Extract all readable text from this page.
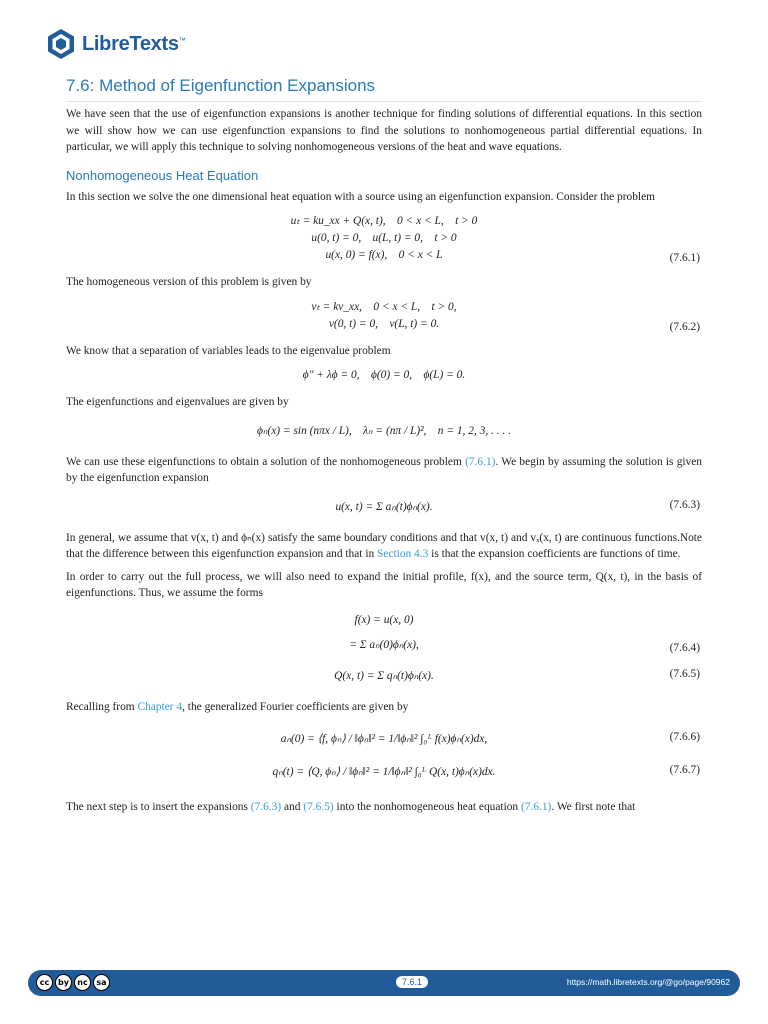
LibreTexts™
7.6: Method of Eigenfunction Expansions

We have seen that the use of eigenfunction expansions is another technique for finding solutions of differential equations. In this section we will show how we can use eigenfunction expansions to find the solutions to nonhomogeneous partial differential equations. In particular, we will apply this technique to solving nonhomogeneous versions of the heat and wave equations.

Nonhomogeneous Heat Equation

In this section we solve the one dimensional heat equation with a source using an eigenfunction expansion. Consider the problem

uₜ = ku_xx + Q(x, t),    0 < x < L,    t > 0
u(0, t) = 0,    u(L, t) = 0,    t > 0
u(x, 0) = f(x),    0 < x < L	(7.6.1)

The homogeneous version of this problem is given by

vₜ = kv_xx,    0 < x < L,    t > 0,
v(0, t) = 0,    v(L, t) = 0.	(7.6.2)

We know that a separation of variables leads to the eigenvalue problem

ϕ″ + λϕ = 0,    ϕ(0) = 0,    ϕ(L) = 0.

The eigenfunctions and eigenvalues are given by

ϕₙ(x) = sin (nπx / L),    λₙ = (nπ / L)²,    n = 1, 2, 3, . . . .

We can use these eigenfunctions to obtain a solution of the nonhomogeneous problem (7.6.1). We begin by assuming the solution is given by the eigenfunction expansion

u(x, t) = Σ aₙ(t)ϕₙ(x).	(7.6.3)

In general, we assume that v(x, t) and ϕₙ(x) satisfy the same boundary conditions and that v(x, t) and vₓ(x, t) are continuous functions.Note that the difference between this eigenfunction expansion and that in Section 4.3 is that the expansion coefficients are functions of time.

In order to carry out the full process, we will also need to expand the initial profile, f(x), and the source term, Q(x, t), in the basis of eigenfunctions. Thus, we assume the forms

f(x) = u(x, 0)
= Σ aₙ(0)ϕₙ(x),	(7.6.4)
Q(x, t) = Σ qₙ(t)ϕₙ(x).	(7.6.5)

Recalling from Chapter 4, the generalized Fourier coefficients are given by

aₙ(0) = ⟨f, ϕₙ⟩ / ‖ϕₙ‖² = 1/‖ϕₙ‖² ∫₀ᴸ f(x)ϕₙ(x)dx,	(7.6.6)
qₙ(t) = ⟨Q, ϕₙ⟩ / ‖ϕₙ‖² = 1/‖ϕₙ‖² ∫₀ᴸ Q(x, t)ϕₙ(x)dx.	(7.6.7)

The next step is to insert the expansions (7.6.3) and (7.6.5) into the nonhomogeneous heat equation (7.6.1). We first note that

cc	by	nc	sa	7.6.1	https://math.libretexts.org/@go/page/90962
